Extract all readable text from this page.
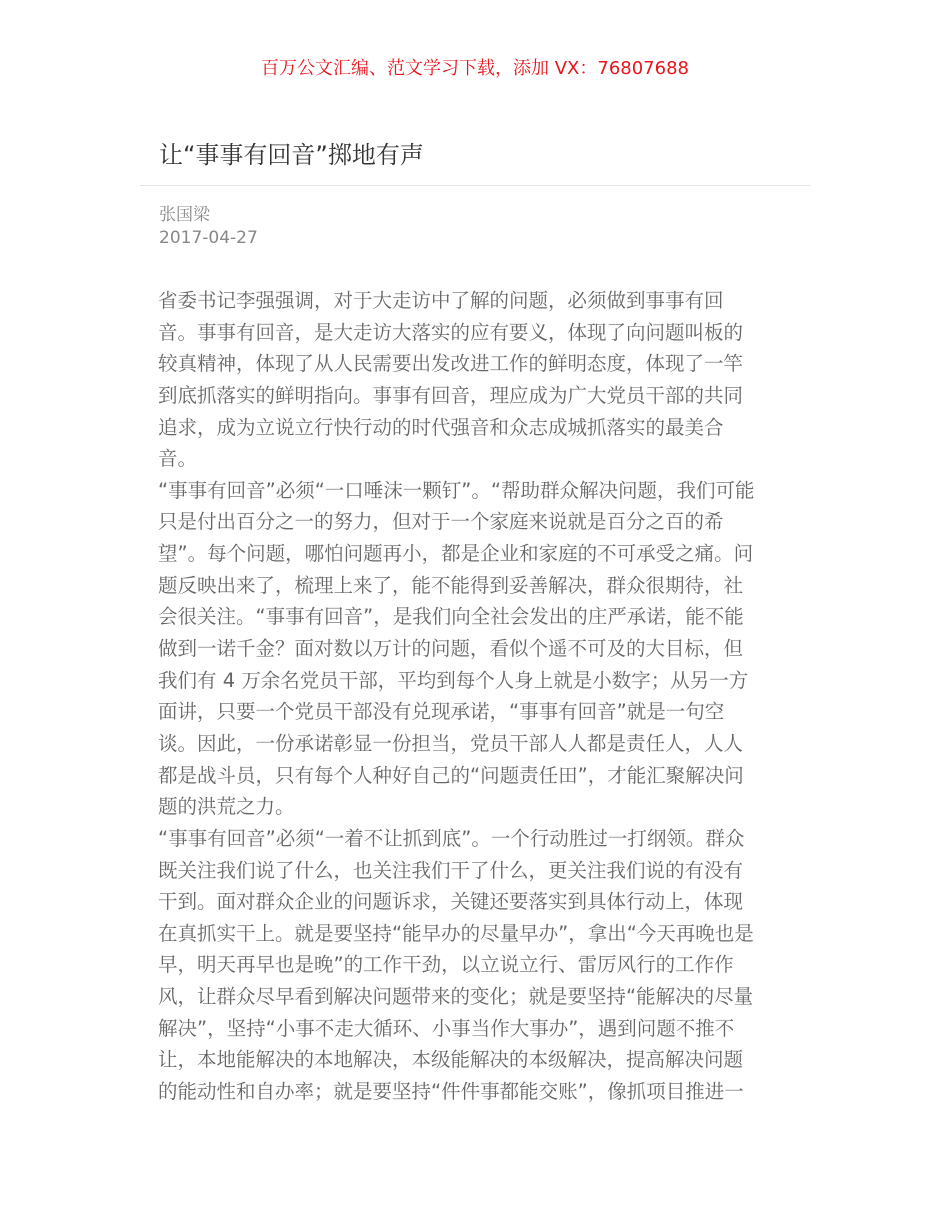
百万公文汇编、范文学习下载，添加 VX：76807688
让“事事有回音”掷地有声
张国梁
2017-04-27
省委书记李强强调，对于大走访中了解的问题，必须做到事事有回
音。事事有回音，是大走访大落实的应有要义，体现了向问题叫板的
较真精神，体现了从人民需要出发改进工作的鲜明态度，体现了一竿
到底抓落实的鲜明指向。事事有回音，理应成为广大党员干部的共同
追求，成为立说立行快行动的时代强音和众志成城抓落实的最美合
音。
“事事有回音”必须“一口唾沫一颗钉”。“帮助群众解决问题，我们可能
只是付出百分之一的努力，但对于一个家庭来说就是百分之百的希
望”。每个问题，哪怕问题再小，都是企业和家庭的不可承受之痛。问
题反映出来了，梳理上来了，能不能得到妥善解决，群众很期待，社
会很关注。“事事有回音”，是我们向全社会发出的庄严承诺，能不能
做到一诺千金？面对数以万计的问题，看似个遥不可及的大目标，但
我们有 4 万余名党员干部，平均到每个人身上就是小数字；从另一方
面讲，只要一个党员干部没有兑现承诺，“事事有回音”就是一句空
谈。因此，一份承诺彰显一份担当，党员干部人人都是责任人，人人
都是战斗员，只有每个人种好自己的“问题责任田”，才能汇聚解决问
题的洪荒之力。
“事事有回音”必须“一着不让抓到底”。一个行动胜过一打纲领。群众
既关注我们说了什么，也关注我们干了什么，更关注我们说的有没有
干到。面对群众企业的问题诉求，关键还要落实到具体行动上，体现
在真抓实干上。就是要坚持“能早办的尽量早办”，拿出“今天再晚也是
早，明天再早也是晚”的工作干劲，以立说立行、雷厉风行的工作作
风，让群众尽早看到解决问题带来的变化；就是要坚持“能解决的尽量
解决”，坚持“小事不走大循环、小事当作大事办”，遇到问题不推不
让，本地能解决的本地解决，本级能解决的本级解决，提高解决问题
的能动性和自办率；就是要坚持“件件事都能交账”，像抓项目推进一
